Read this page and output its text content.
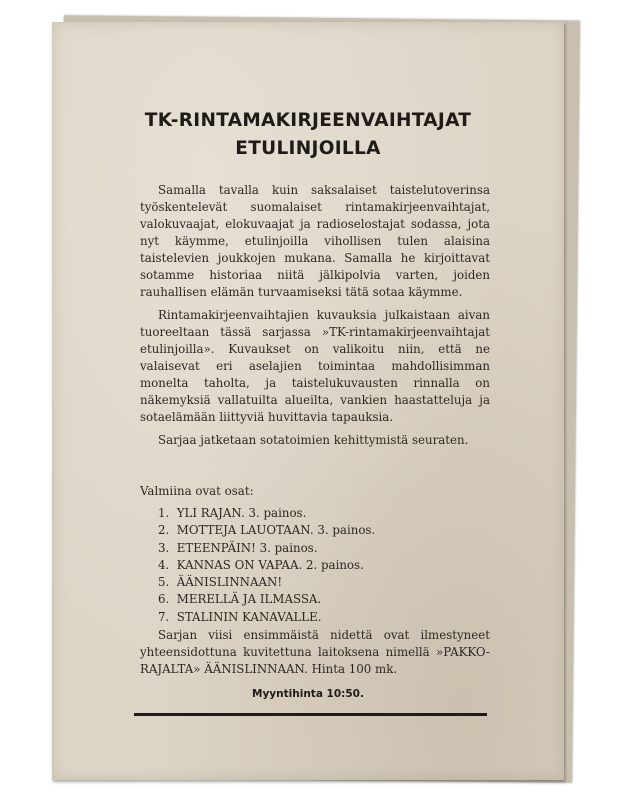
TK-RINTAMAKIRJEENVAIHTAJAT
ETULINJOILLA

Samalla tavalla kuin saksalaiset taistelutoverinsa työskentelevät suomalaiset rintamakirjeenvaihtajat, valokuvaajat, elokuvaajat ja radioselostajat sodassa, jota nyt käymme, etulinjoilla vihollisen tulen alaisina taistelevien joukkojen mukana. Samalla he kirjoittavat sotamme historiaa niitä jälkipolvia varten, joiden rauhallisen elämän turvaamiseksi tätä sotaa käymme.

Rintamakirjeenvaihtajien kuvauksia julkaistaan aivan tuoreeltaan tässä sarjassa »TK-rintamakirjeenvaihtajat etulinjoilla». Kuvaukset on valikoitu niin, että ne valaisevat eri aselajien toimintaa mahdollisimman monelta taholta, ja taistelukuvausten rinnalla on näkemyksiä vallatuilta alueilta, vankien haastatteluja ja sotaelämään liittyviä huvittavia tapauksia.

Sarjaa jatketaan sotatoimien kehittymistä seuraten.

Valmiina ovat osat:

1. YLI RAJAN. 3. painos.
2. MOTTEJA LAUOTAAN. 3. painos.
3. ETEENPÄIN! 3. painos.
4. KANNAS ON VAPAA. 2. painos.
5. ÄÄNISLINNAAN!
6. MERELLÄ JA ILMASSA.
7. STALININ KANAVALLE.

Sarjan viisi ensimmäistä nidettä ovat ilmestyneet yhteensidottuna kuvitettuna laitoksena nimellä »PAKKO-RAJALTA» ÄÄNISLINNAAN. Hinta 100 mk.

Myyntihinta 10:50.
